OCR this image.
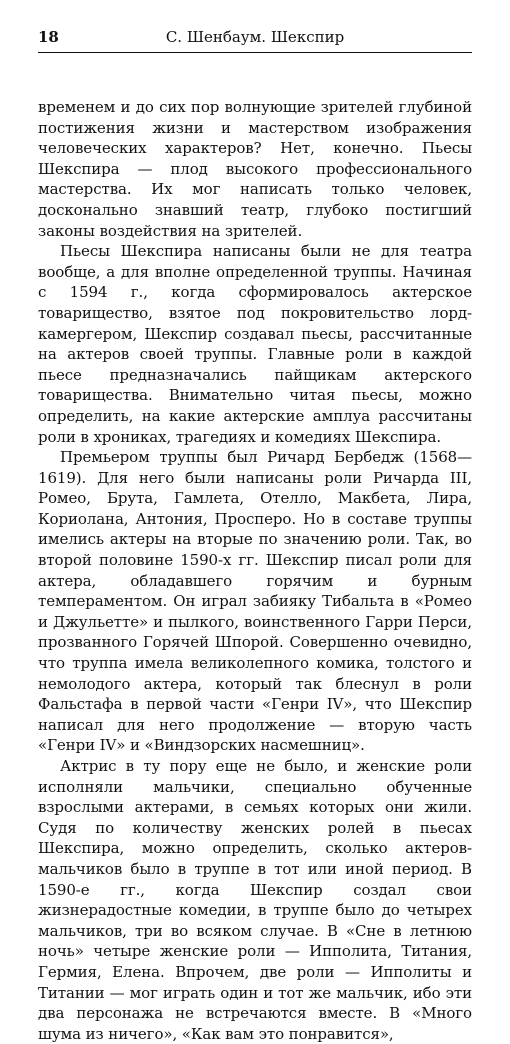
18	С. Шенбаум. Шекспир

временем и до сих пор волнующие зрителей глубиной постижения жизни и мастерством изображения человеческих характеров? Нет, конечно. Пьесы Шекспира — плод высокого профессионального мастерства. Их мог написать только человек, досконально знавший театр, глубоко постигший законы воздействия на зрителей.

Пьесы Шекспира написаны были не для театра вообще, а для вполне определенной труппы. Начиная с 1594 г., когда сформировалось актерское товарищество, взятое под покровительство лорд-камергером, Шекспир создавал пьесы, рассчитанные на актеров своей труппы. Главные роли в каждой пьесе предназначались пайщикам актерского товарищества. Внимательно читая пьесы, можно определить, на какие актерские амплуа рассчитаны роли в хрониках, трагедиях и комедиях Шекспира.

Премьером труппы был Ричард Бербедж (1568—1619). Для него были написаны роли Ричарда III, Ромео, Брута, Гамлета, Отелло, Макбета, Лира, Кориолана, Антония, Просперо. Но в составе труппы имелись актеры на вторые по значению роли. Так, во второй половине 1590-х гг. Шекспир писал роли для актера, обладавшего горячим и бурным темпераментом. Он играл забияку Тибальта в «Ромео и Джульетте» и пылкого, воинственного Гарри Перси, прозванного Горячей Шпорой. Совершенно очевидно, что труппа имела великолепного комика, толстого и немолодого актера, который так блеснул в роли Фальстафа в первой части «Генри IV», что Шекспир написал для него продолжение — вторую часть «Генри IV» и «Виндзорских насмешниц».

Актрис в ту пору еще не было, и женские роли исполняли мальчики, специально обученные взрослыми актерами, в семьях которых они жили. Судя по количеству женских ролей в пьесах Шекспира, можно определить, сколько актеров-мальчиков было в труппе в тот или иной период. В 1590-е гг., когда Шекспир создал свои жизнерадостные комедии, в труппе было до четырех мальчиков, три во всяком случае. В «Сне в летнюю ночь» четыре женские роли — Ипполита, Титания, Гермия, Елена. Впрочем, две роли — Ипполиты и Титании — мог играть один и тот же мальчик, ибо эти два персонажа не встречаются вместе. В «Много шума из ничего», «Как вам это понравится»,
